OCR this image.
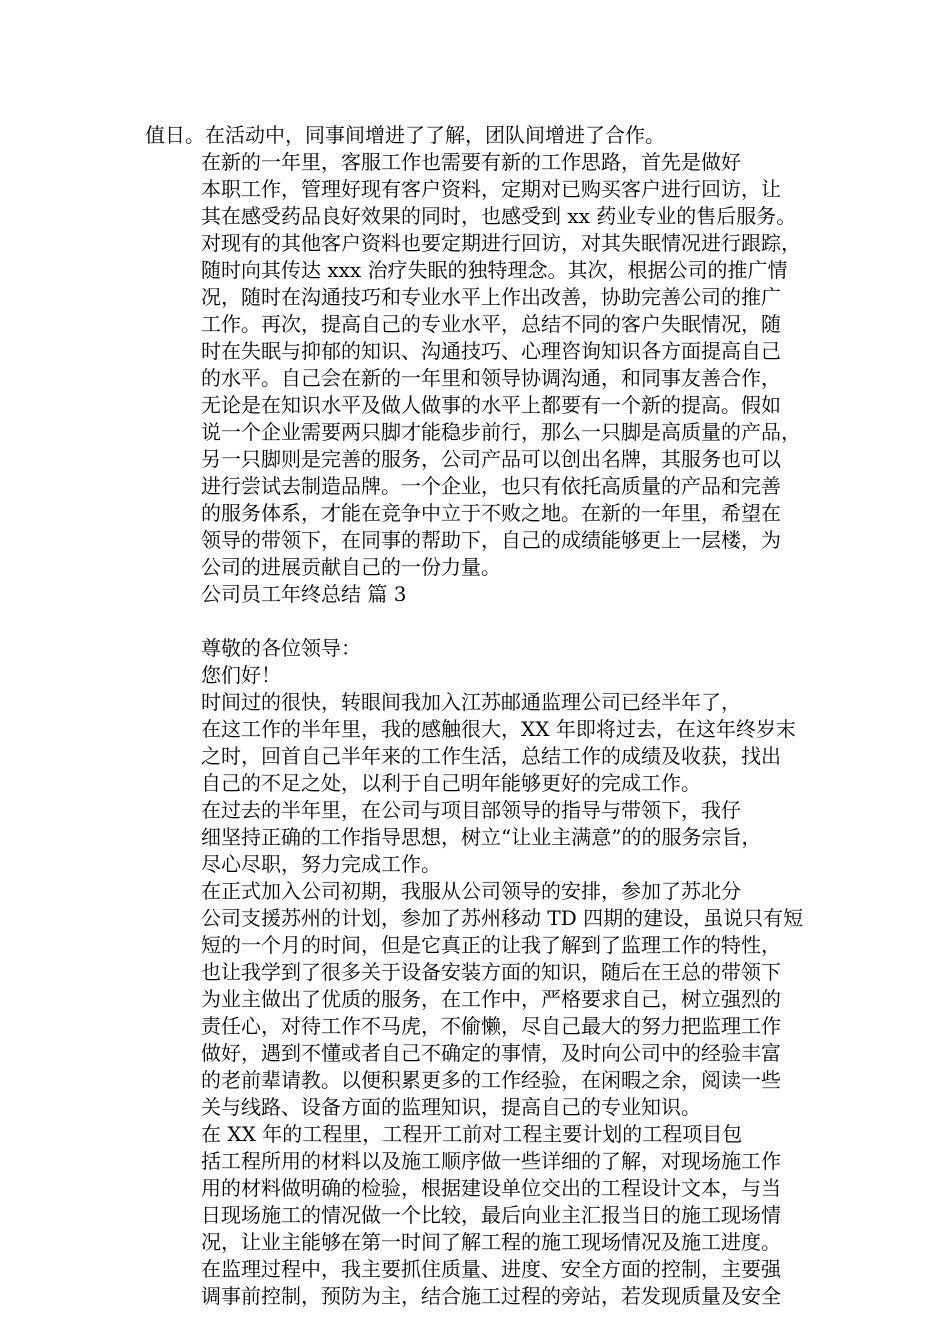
值日。在活动中，同事间增进了了解，团队间增进了合作。
在新的一年里，客服工作也需要有新的工作思路，首先是做好
本职工作，管理好现有客户资料，定期对已购买客户进行回访，让
其在感受药品良好效果的同时，也感受到 xx 药业专业的售后服务。
对现有的其他客户资料也要定期进行回访，对其失眠情况进行跟踪，
随时向其传达 xxx 治疗失眠的独特理念。其次，根据公司的推广情
况，随时在沟通技巧和专业水平上作出改善，协助完善公司的推广
工作。再次，提高自己的专业水平，总结不同的客户失眠情况，随
时在失眠与抑郁的知识、沟通技巧、心理咨询知识各方面提高自己
的水平。自己会在新的一年里和领导协调沟通，和同事友善合作，
无论是在知识水平及做人做事的水平上都要有一个新的提高。假如
说一个企业需要两只脚才能稳步前行，那么一只脚是高质量的产品，
另一只脚则是完善的服务，公司产品可以创出名牌，其服务也可以
进行尝试去制造品牌。一个企业，也只有依托高质量的产品和完善
的服务体系，才能在竞争中立于不败之地。在新的一年里，希望在
领导的带领下，在同事的帮助下，自己的成绩能够更上一层楼，为
公司的进展贡献自己的一份力量。
公司员工年终总结 篇 3
尊敬的各位领导：
您们好！
时间过的很快，转眼间我加入江苏邮通监理公司已经半年了，
在这工作的半年里，我的感触很大，XX 年即将过去，在这年终岁末
之时，回首自己半年来的工作生活，总结工作的成绩及收获，找出
自己的不足之处，以利于自己明年能够更好的完成工作。
在过去的半年里，在公司与项目部领导的指导与带领下，我仔
细坚持正确的工作指导思想，树立“让业主满意”的的服务宗旨，
尽心尽职，努力完成工作。
在正式加入公司初期，我服从公司领导的安排，参加了苏北分
公司支援苏州的计划，参加了苏州移动 TD 四期的建设，虽说只有短
短的一个月的时间，但是它真正的让我了解到了监理工作的特性，
也让我学到了很多关于设备安装方面的知识，随后在王总的带领下
为业主做出了优质的服务，在工作中，严格要求自己，树立强烈的
责任心，对待工作不马虎，不偷懒，尽自己最大的努力把监理工作
做好，遇到不懂或者自己不确定的事情，及时向公司中的经验丰富
的老前辈请教。以便积累更多的工作经验，在闲暇之余，阅读一些
关与线路、设备方面的监理知识，提高自己的专业知识。
在 XX 年的工程里，工程开工前对工程主要计划的工程项目包
括工程所用的材料以及施工顺序做一些详细的了解，对现场施工作
用的材料做明确的检验，根据建设单位交出的工程设计文本，与当
日现场施工的情况做一个比较，最后向业主汇报当日的施工现场情
况，让业主能够在第一时间了解工程的施工现场情况及施工进度。
在监理过程中，我主要抓住质量、进度、安全方面的控制，主要强
调事前控制，预防为主，结合施工过程的旁站，若发现质量及安全
